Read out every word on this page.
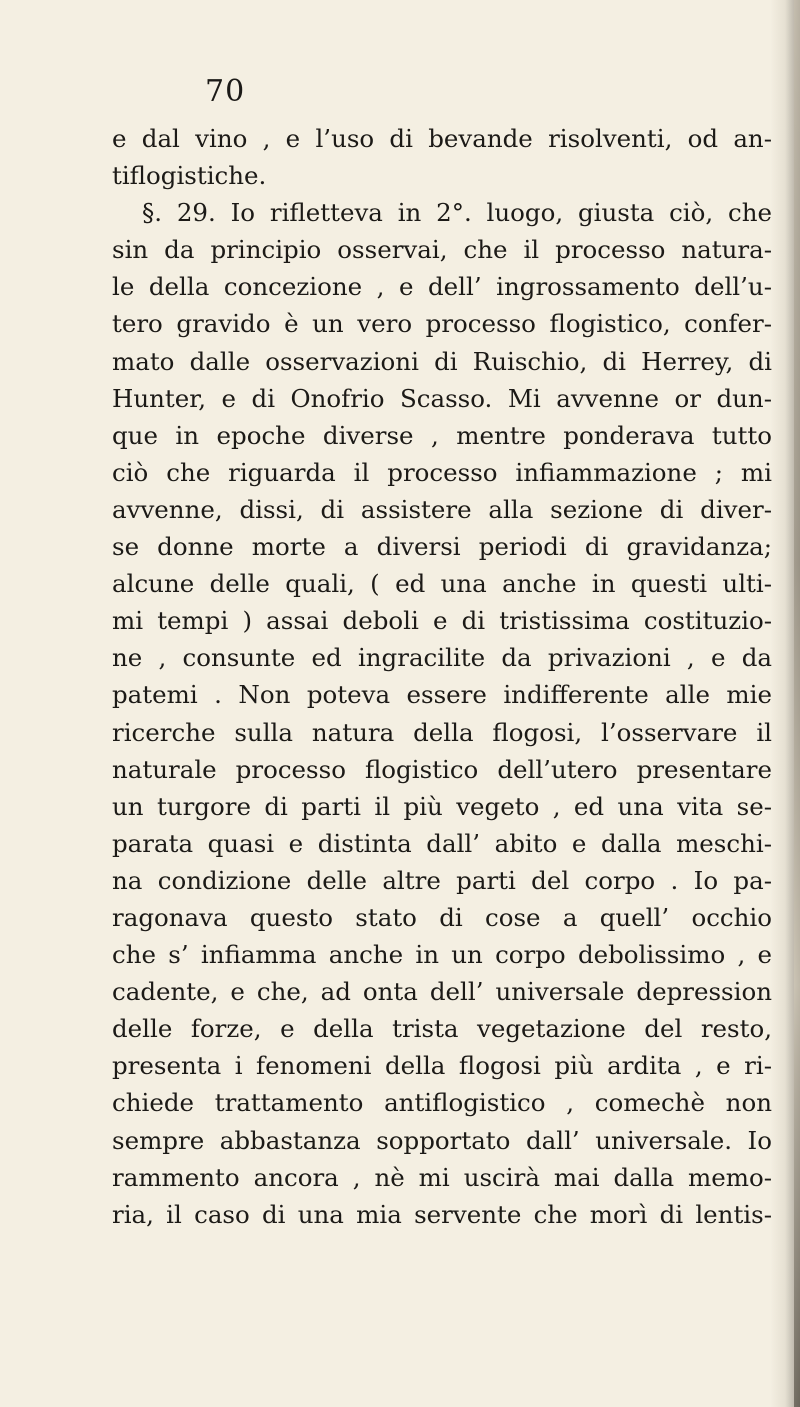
70
e dal vino , e l’uso di bevande risolventi, od an-
tiflogistiche.
§. 29. Io rifletteva in 2°. luogo, giusta ciò, che
sin da principio osservai, che il processo natura-
le della concezione , e dell’ ingrossamento dell’u-
tero gravido è un vero processo flogistico, confer-
mato dalle osservazioni di Ruischio, di Herrey, di
Hunter, e di Onofrio Scasso. Mi avvenne or dun-
que in epoche diverse , mentre ponderava tutto
ciò che riguarda il processo infiammazione ; mi
avvenne, dissi, di assistere alla sezione di diver-
se donne morte a diversi periodi di gravidanza;
alcune delle quali, ( ed una anche in questi ulti-
mi tempi ) assai deboli e di tristissima costituzio-
ne , consunte ed ingracilite da privazioni , e da
patemi . Non poteva essere indifferente alle mie
ricerche sulla natura della flogosi, l’osservare il
naturale processo flogistico dell’utero presentare
un turgore di parti il più vegeto , ed una vita se-
parata quasi e distinta dall’ abito e dalla meschi-
na condizione delle altre parti del corpo . Io pa-
ragonava questo stato di cose a quell’ occhio
che s’ infiamma anche in un corpo debolissimo , e
cadente, e che, ad onta dell’ universale depression
delle forze, e della trista vegetazione del resto,
presenta i fenomeni della flogosi più ardita , e ri-
chiede trattamento antiflogistico , comechè non
sempre abbastanza sopportato dall’ universale. Io
rammento ancora , nè mi uscirà mai dalla memo-
ria, il caso di una mia servente che morì di lentis-
